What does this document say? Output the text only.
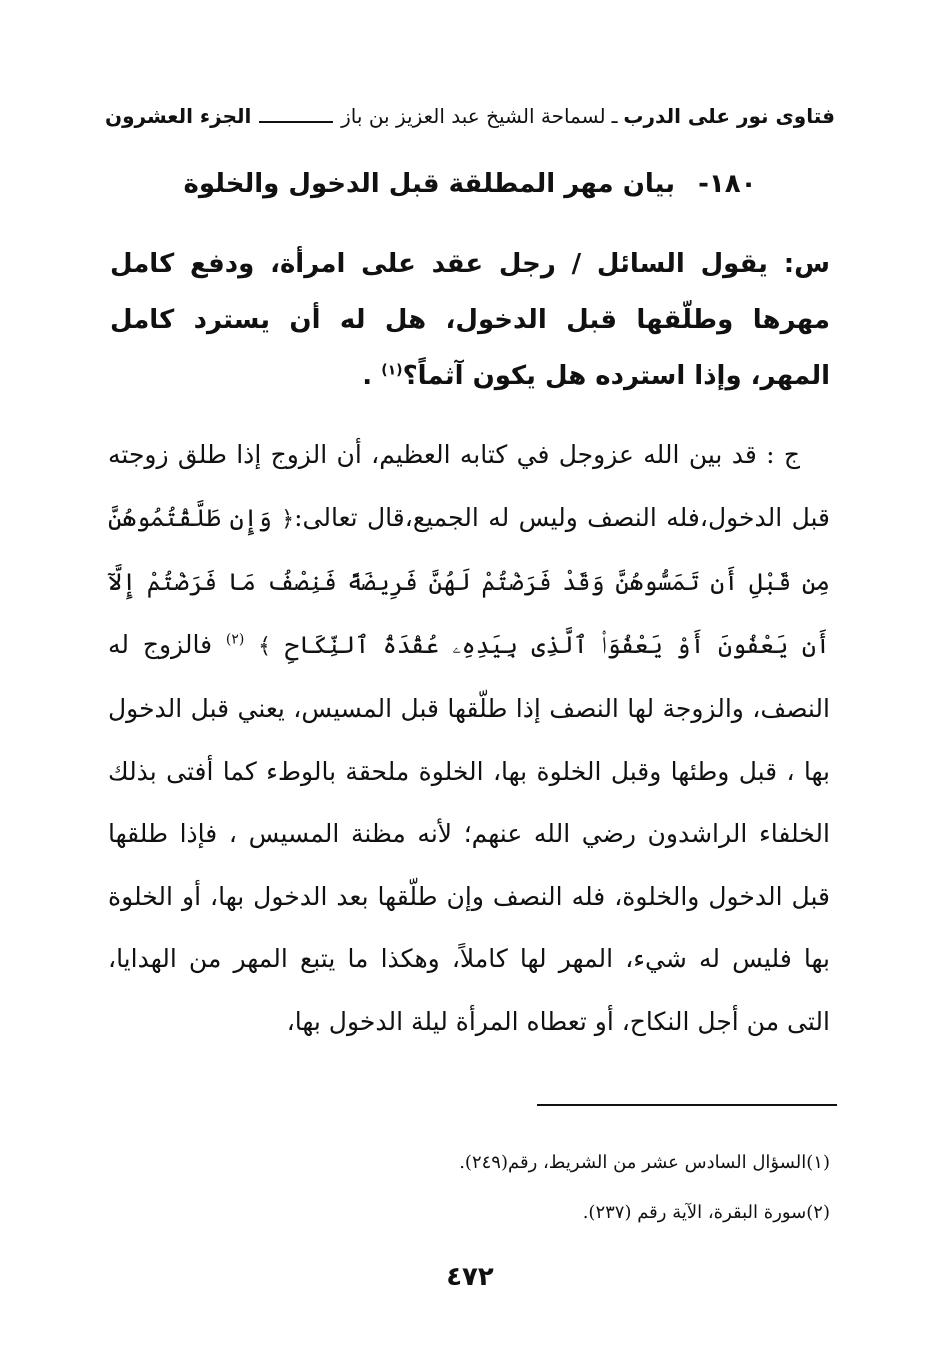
فتاوى نور على الدرب
ـ
لسماحة الشيخ عبد العزيز بن باز
الجزء العشرون
١٨٠- بيان مهر المطلقة قبل الدخول والخلوة

س: يقول السائل / رجل عقد على امرأة، ودفع كامل مهرها وطلّقها قبل الدخول، هل له أن يسترد كامل المهر، وإذا استرده هل يكون آثماً؟$^{(١)}$ .

ج : قد بين الله عزوجل في كتابه العظيم، أن الزوج إذا طلق زوجته قبل الدخول،فله النصف وليس له الجميع،قال تعالى:﴿ وَإِن طَلَّقْتُمُوهُنَّ مِن قَبْلِ أَن تَمَسُّوهُنَّ وَقَدْ فَرَضْتُمْ لَهُنَّ فَرِيضَةً فَنِصْفُ مَا فَرَضْتُمْ إِلَّآ أَن يَعْفُونَ أَوْ يَعْفُوَا۟ ٱلَّذِى بِيَدِهِۦ عُقْدَةُ ٱلنِّكَاحِ ﴾ $^{(٢)}$ فالزوج له النصف، والزوجة لها النصف إذا طلّقها قبل المسيس، يعني قبل الدخول بها ، قبل وطئها وقبل الخلوة بها، الخلوة ملحقة بالوطء كما أفتى بذلك الخلفاء الراشدون رضي الله عنهم؛ لأنه مظنة المسيس ، فإذا طلقها قبل الدخول والخلوة، فله النصف وإن طلّقها بعد الدخول بها، أو الخلوة بها فليس له شيء، المهر لها كاملاً، وهكذا ما يتبع المهر من الهدايا، التى من أجل النكاح، أو تعطاه المرأة ليلة الدخول بها،

(١)السؤال السادس عشر من الشريط، رقم(٢٤٩).
(٢)سورة البقرة، الآية رقم (٢٣٧).
٤٧٢
